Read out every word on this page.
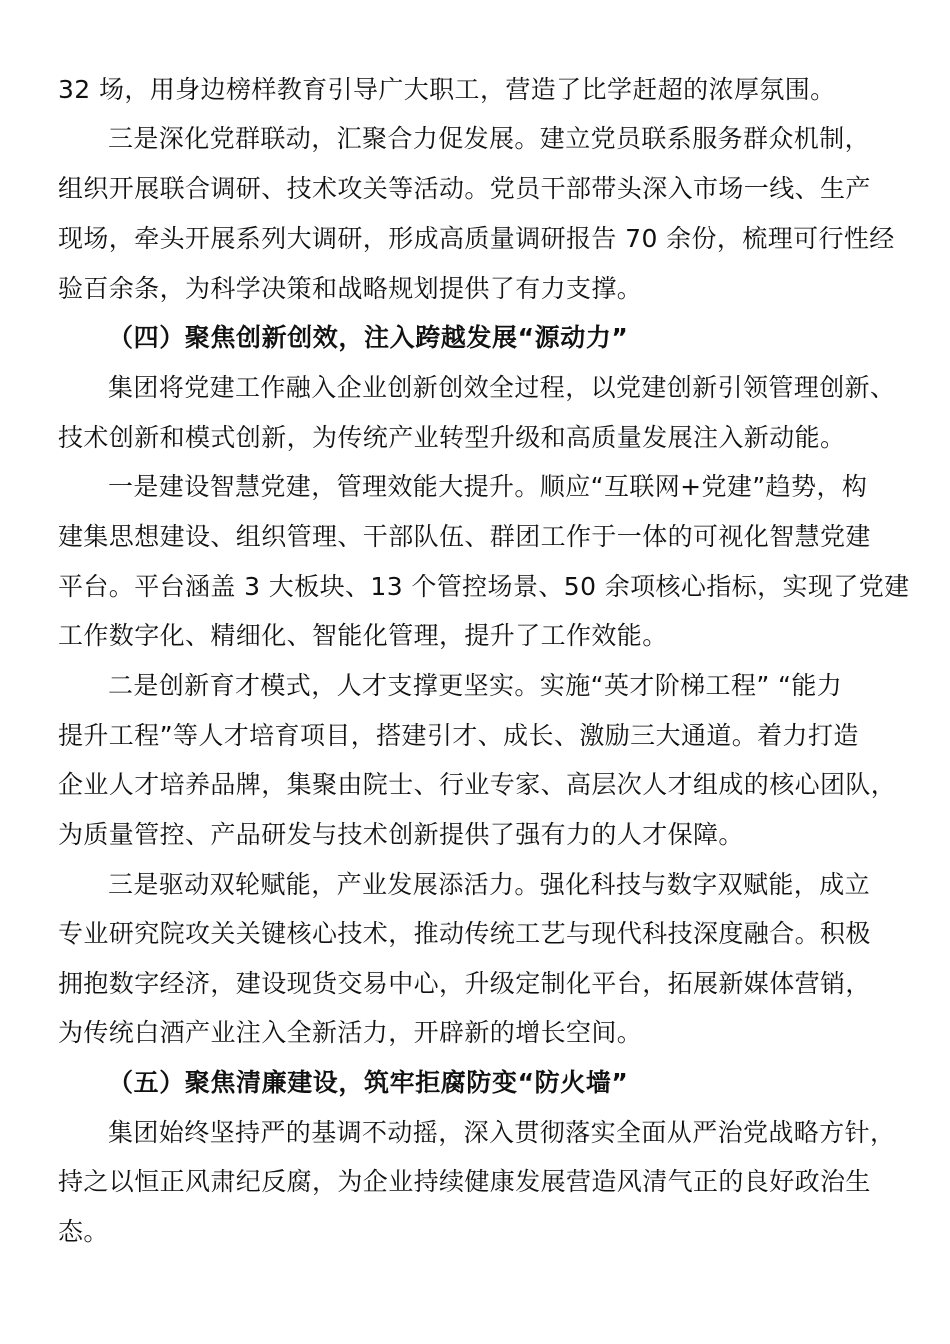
32 场，用身边榜样教育引导广大职工，营造了比学赶超的浓厚氛围。
三是深化党群联动，汇聚合力促发展。建立党员联系服务群众机制，
组织开展联合调研、技术攻关等活动。党员干部带头深入市场一线、生产
现场，牵头开展系列大调研，形成高质量调研报告 70 余份，梳理可行性经
验百余条，为科学决策和战略规划提供了有力支撑。
（四）聚焦创新创效，注入跨越发展“源动力”
集团将党建工作融入企业创新创效全过程，以党建创新引领管理创新、
技术创新和模式创新，为传统产业转型升级和高质量发展注入新动能。
一是建设智慧党建，管理效能大提升。顺应“互联网+党建”趋势，构
建集思想建设、组织管理、干部队伍、群团工作于一体的可视化智慧党建
平台。平台涵盖 3 大板块、13 个管控场景、50 余项核心指标，实现了党建
工作数字化、精细化、智能化管理，提升了工作效能。
二是创新育才模式，人才支撑更坚实。实施“英才阶梯工程” “能力
提升工程”等人才培育项目，搭建引才、成长、激励三大通道。着力打造
企业人才培养品牌，集聚由院士、行业专家、高层次人才组成的核心团队，
为质量管控、产品研发与技术创新提供了强有力的人才保障。
三是驱动双轮赋能，产业发展添活力。强化科技与数字双赋能，成立
专业研究院攻关关键核心技术，推动传统工艺与现代科技深度融合。积极
拥抱数字经济，建设现货交易中心，升级定制化平台，拓展新媒体营销，
为传统白酒产业注入全新活力，开辟新的增长空间。
（五）聚焦清廉建设，筑牢拒腐防变“防火墙”
集团始终坚持严的基调不动摇，深入贯彻落实全面从严治党战略方针，
持之以恒正风肃纪反腐，为企业持续健康发展营造风清气正的良好政治生
态。
